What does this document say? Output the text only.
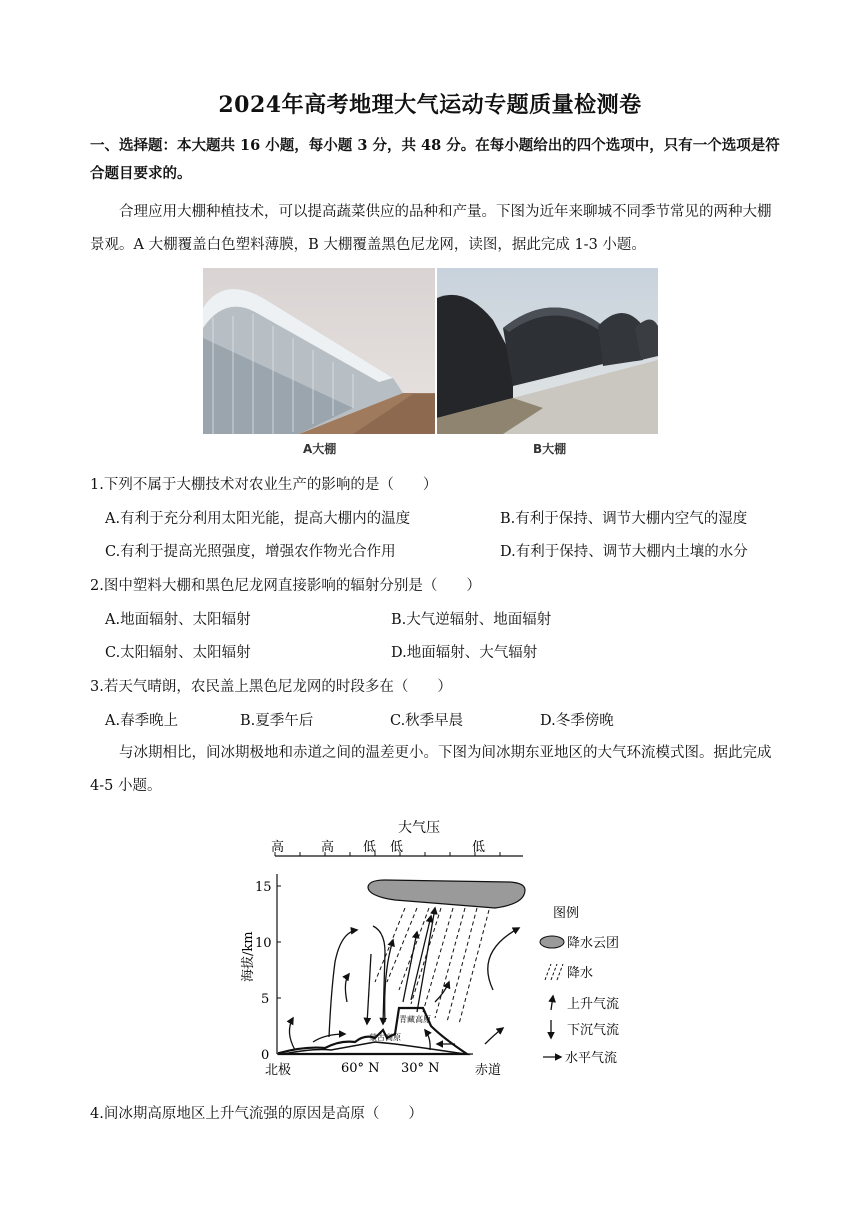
2024年高考地理大气运动专题质量检测卷
一、选择题：本大题共 16 小题，每小题 3 分，共 48 分。在每小题给出的四个选项中，只有一个选项是符合题目要求的。
合理应用大棚种植技术，可以提高蔬菜供应的品种和产量。下图为近年来聊城不同季节常见的两种大棚景观。A 大棚覆盖白色塑料薄膜，B 大棚覆盖黑色尼龙网，读图，据此完成 1-3 小题。
A大棚	B大棚
1.下列不属于大棚技术对农业生产的影响的是（　　）
A.有利于充分利用太阳光能，提高大棚内的温度	B.有利于保持、调节大棚内空气的湿度
C.有利于提高光照强度，增强农作物光合作用	D.有利于保持、调节大棚内土壤的水分
2.图中塑料大棚和黑色尼龙网直接影响的辐射分别是（　　）
A.地面辐射、太阳辐射	B.大气逆辐射、地面辐射
C.太阳辐射、太阳辐射	D.地面辐射、大气辐射
3.若天气晴朗，农民盖上黑色尼龙网的时段多在（　　）
A.春季晚上	B.夏季午后	C.秋季早晨	D.冬季傍晚
与冰期相比，间冰期极地和赤道之间的温差更小。下图为间冰期东亚地区的大气环流模式图。据此完成 4-5 小题。
大气压
高	高 低 低	低
0
5
10
15
海拔/km
蒙古高原
青藏高原
北极	60° N 30° N	赤道
图例
降水云团
降水
上升气流
下沉气流
水平气流
4.间冰期高原地区上升气流强的原因是高原（　　）
